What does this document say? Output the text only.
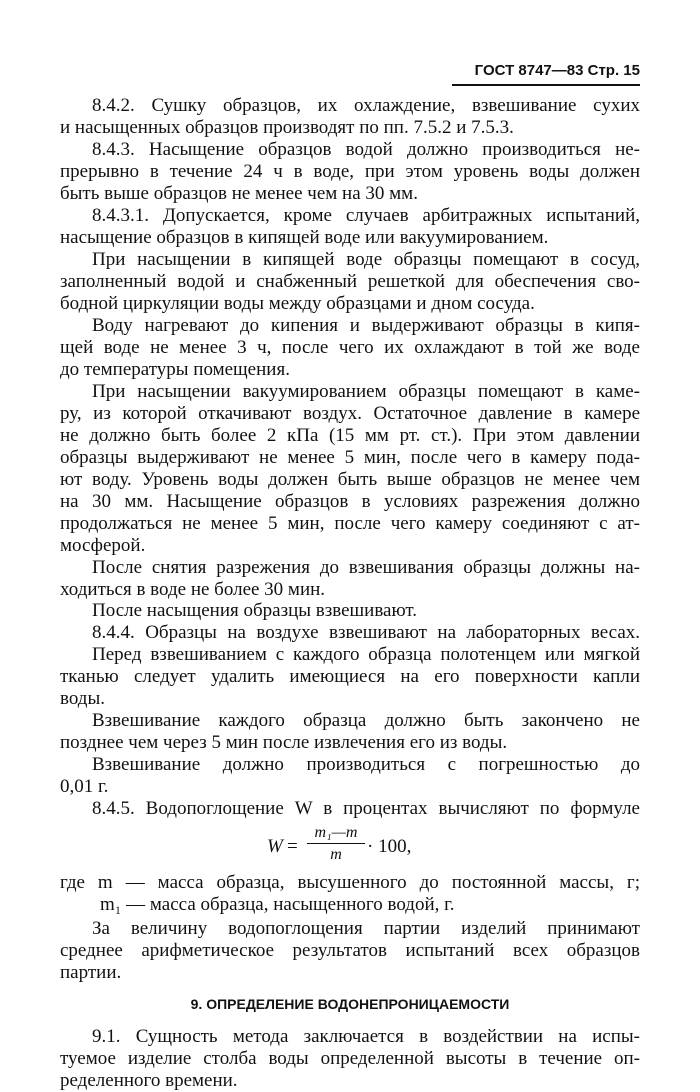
ГОСТ 8747—83 Стр. 15
8.4.2. Сушку образцов, их охлаждение, взвешивание сухих
и насыщенных образцов производят по пп. 7.5.2 и 7.5.3.
8.4.3. Насыщение образцов водой должно производиться не-
прерывно в течение 24 ч в воде, при этом уровень воды должен
быть выше образцов не менее чем на 30 мм.
8.4.3.1. Допускается, кроме случаев арбитражных испытаний,
насыщение образцов в кипящей воде или вакуумированием.
При насыщении в кипящей воде образцы помещают в сосуд,
заполненный водой и снабженный решеткой для обеспечения сво-
бодной циркуляции воды между образцами и дном сосуда.
Воду нагревают до кипения и выдерживают образцы в кипя-
щей воде не менее 3 ч, после чего их охлаждают в той же воде
до температуры помещения.
При насыщении вакуумированием образцы помещают в каме-
ру, из которой откачивают воздух. Остаточное давление в камере
не должно быть более 2 кПа (15 мм рт. ст.). При этом давлении
образцы выдерживают не менее 5 мин, после чего в камеру пода-
ют воду. Уровень воды должен быть выше образцов не менее чем
на 30 мм. Насыщение образцов в условиях разрежения должно
продолжаться не менее 5 мин, после чего камеру соединяют с ат-
мосферой.
После снятия разрежения до взвешивания образцы должны на-
ходиться в воде не более 30 мин.
После насыщения образцы взвешивают.
8.4.4. Образцы на воздухе взвешивают на лабораторных весах.
Перед взвешиванием с каждого образца полотенцем или мягкой
тканью следует удалить имеющиеся на его поверхности капли
воды.
Взвешивание каждого образца должно быть закончено не
позднее чем через 5 мин после извлечения его из воды.
Взвешивание должно производиться с погрешностью до
0,01 г.
8.4.5. Водопоглощение W в процентах вычисляют по формуле
W =
m₁—m
m	· 100,
где m — масса образца, высушенного до постоянной массы, г;
m₁ — масса образца, насыщенного водой, г.
За величину водопоглощения партии изделий принимают
среднее арифметическое результатов испытаний всех образцов
партии.
9. ОПРЕДЕЛЕНИЕ ВОДОНЕПРОНИЦАЕМОСТИ
9.1. Сущность метода заключается в воздействии на испы-
туемое изделие столба воды определенной высоты в течение оп-
ределенного времени.
